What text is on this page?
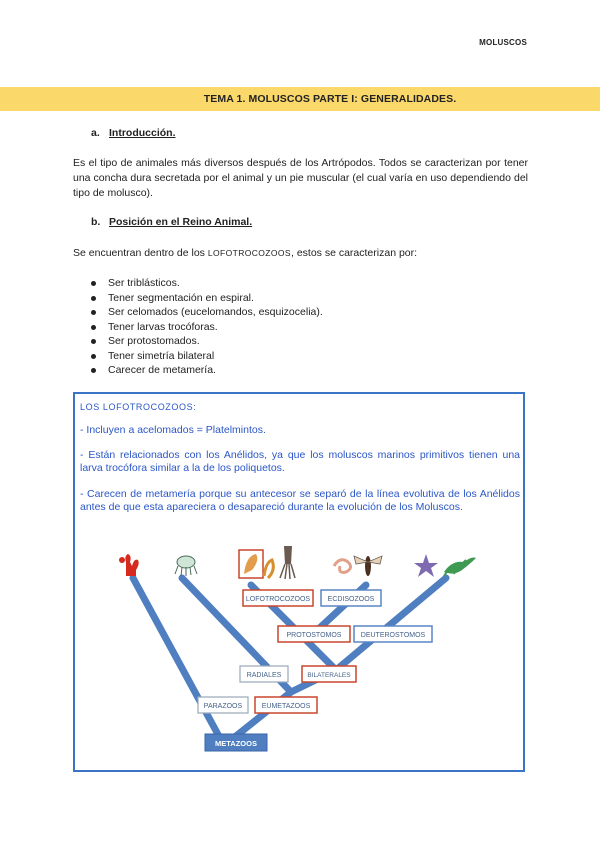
MOLUSCOS
TEMA 1. MOLUSCOS PARTE I: GENERALIDADES.
a. Introducción.
Es el tipo de animales más diversos después de los Artrópodos. Todos se caracterizan por tener una concha dura secretada por el animal y un pie muscular (el cual varía en uso dependiendo del tipo de molusco).
b. Posición en el Reino Animal.
Se encuentran dentro de los LOFOTROCOZOOS, estos se caracterizan por:
Ser triblásticos.
Tener segmentación en espiral.
Ser celomados (eucelomandos, esquizocelia).
Tener larvas trocóforas.
Ser protostomados.
Tener simetría bilateral
Carecer de metamería.
LOS LOFOTROCOZOOS:
- Incluyen a acelomados = Platelmintos.
- Están relacionados con los Anélidos, ya que los moluscos marinos primitivos tienen una larva trocófora similar a la de los poliquetos.
- Carecen de metamería porque su antecesor se separó de la línea evolutiva de los Anélidos antes de que esta apareciera o desapareció durante la evolución de los Moluscos.
LOFOTROCOZOOS	ECDISOZOOS
PROTOSTOMOS	DEUTEROSTOMOS
RADIALES	BILATERALES
PARAZOOS	EUMETAZOOS
METAZOOS
